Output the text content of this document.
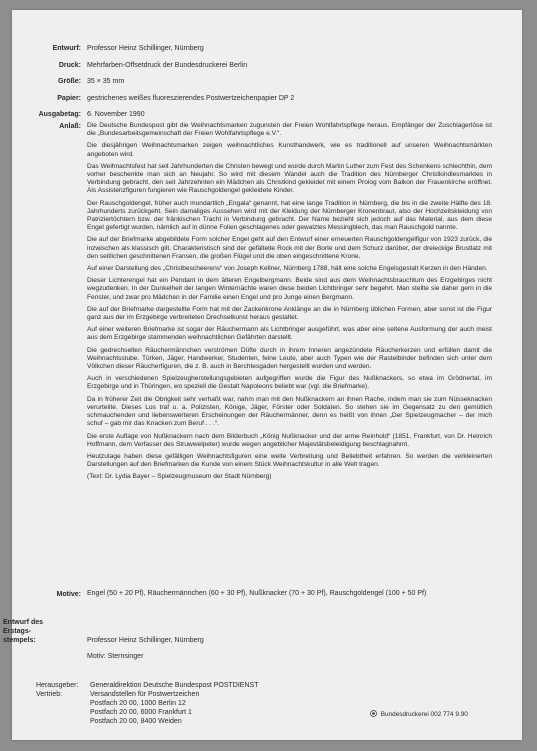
Entwurf: Professor Heinz Schillinger, Nürnberg
Druck: Mehrfarben-Offsetdruck der Bundesdruckerei Berlin
Größe: 35 × 35 mm
Papier: gestrichenes weißes fluoreszierendes Postwertzeichenpapier DP 2
Ausgabetag: 6. November 1990
Anlaß: Die Deutsche Bundespost gibt die Weihnachtsmarken zugunsten der Freien Wohlfahrtspflege heraus. Empfänger der Zuschlagerlöse ist die „Bundesarbeitsgemeinschaft der Freien Wohlfahrtspflege e.V.“.

Die diesjährigen Weihnachtsmarken zeigen weihnachtliches Kunsthandwerk, wie es traditionell auf unseren Weihnachtsmärkten angeboten wird.

Das Weihnachtsfest hat seit Jahrhunderten die Christen bewegt und wurde durch Martin Luther zum Fest des Schenkens schlechthin, dem vorher beschenkte man sich an Neujahr. So wird mit diesem Wandel auch die Tradition des Nürnberger Christkindlesmarktes in Verbindung gebracht, den seit Jahrzehnten ein Mädchen als Christkind gekleidet mit einem Prolog vom Balkon der Frauenkirche eröffnet. Als Assistenzfiguren fungieren wie Rauschgoldengel gekleidete Kinder.

Der Rauschgoldengel, früher auch mundartlich „Engala“ genannt, hat eine lange Tradition in Nürnberg, die bis in die zweite Hälfte des 18. Jahrhunderts zurückgeht. Sein damaliges Aussehen wird mit der Kleidung der Nürnberger Kronenbraut, also der Hochzeitskleidung von Patriziertöchtern bzw. der fränkischen Tracht in Verbindung gebracht. Der Name bezieht sich jedoch auf das Material, aus dem diese Engel gefertigt wurden, nämlich auf in dünne Folien geschlagenes oder gewalztes Messingblech, das man Rauschgold nannte.

Die auf der Briefmarke abgebildete Form solcher Engel geht auf den Entwurf einer erneuerten Rauschgoldengelfigur von 1923 zurück, die inzwischen als klassisch gilt. Charakteristisch sind der gefältelte Rock mit der Borte und dem Schurz darüber, der dreieckige Brustlatz mit den seitlichen geschnittenen Fransen, die großen Flügel und die oben eingeschnittene Krone.

Auf einer Darstellung des „Christbescheerens“ von Joseph Kellner, Nürnberg 1788, hält eine solche Engelsgestalt Kerzen in den Händen.

Dieser Lichterengel hat ein Pendant in dem älteren Engelbergmann. Beide sind aus dem Weihnachtsbrauchtum des Erzgebirges nicht wegzudenken. In der Dunkelheit der langen Winternächte waren diese beiden Lichtbringer sehr begehrt. Man stellte sie daher gern in die Fenster, und zwar pro Mädchen in der Familie einen Engel und pro Junge einen Bergmann.

Die auf der Briefmarke dargestellte Form hat mit der Zackenkrone Anklänge an die in Nürnberg üblichen Formen, aber sonst ist die Figur ganz aus der im Erzgebirge verbreiteten Drechselkunst heraus gestaltet.

Auf einer weiteren Briefmarke ist sogar der Räuchermann als Lichtbringer ausgeführt, was aber eine seltene Ausformung der auch meist aus dem Erzgebirge stammenden weihnachtlichen Gefährten darstellt.

Die gedrechselten Räuchermännchen verströmen Düfte durch in ihrem Inneren angezündete Räucherkerzen und erfüllen damit die Weihnachtsstube. Türken, Jäger, Handwerker, Studenten, feine Leute, aber auch Typen wie der Rastelbinder befinden sich unter dem Völkchen dieser Räucherfiguren, die z. B. auch in Berchtesgaden hergestellt wurden und werden.

Auch in verschiedenen Spielzeugherstellungsgebieten aufgegriffen wurde die Figur des Nußknackers, so etwa im Grödnertal, im Erzgebirge und in Thüringen, wo speziell die Gestalt Napoleons beliebt war (vgl. die Briefmarke).

Da in früherer Zeit die Obrigkeit sehr verhaßt war, nahm man mit den Nußknackern an ihnen Rache, indem man sie zum Nüsseknacken verurteilte. Dieses Los traf u. a. Polizisten, Könige, Jäger, Förster oder Soldaten. So stehen sie im Gegensatz zu den gemütlich schmauchenden und liebenswerteren Erscheinungen der Räuchermänner, denn es heißt von ihnen „Der Spielzeugmacher – der mich schuf – gab mir das Knacken zum Beruf . . .“.

Die erste Auflage von Nußknackern nach dem Bilderbuch „König Nußknacker und der arme Reinhold“ (1851, Frankfurt, von Dr. Heinrich Hoffmann, dem Verfasser des Struwwelpeter) wurde wegen angeblicher Majestätsbeleidigung beschlagnahmt.

Heutzutage haben diese gefälligen Weihnachtsfiguren eine weite Verbreitung und Beliebtheit erfahren. So werden die verkleinerten Darstellungen auf den Briefmarken die Kunde von einem Stück Weihnachtskultur in alle Welt tragen.

(Text: Dr. Lydia Bayer – Spielzeugmuseum der Stadt Nürnberg)

Motive: Engel (50 + 20 Pf), Räuchermännchen (60 + 30 Pf), Nußknacker (70 + 30 Pf), Rauschgoldengel (100 + 50 Pf)
Entwurf des
Erstags-
stempels:	Professor Heinz Schillinger, Nürnberg
Motiv: Sternsinger
Herausgeber:
Vertrieb:
Generaldirektion Deutsche Bundespost POSTDIENST
Versandstellen für Postwertzeichen
Postfach 20 00, 1000 Berlin 12
Postfach 20 00, 6000 Frankfurt 1
Postfach 20 00, 8400 Weiden
Bundesdruckerei 002 774 9.90
